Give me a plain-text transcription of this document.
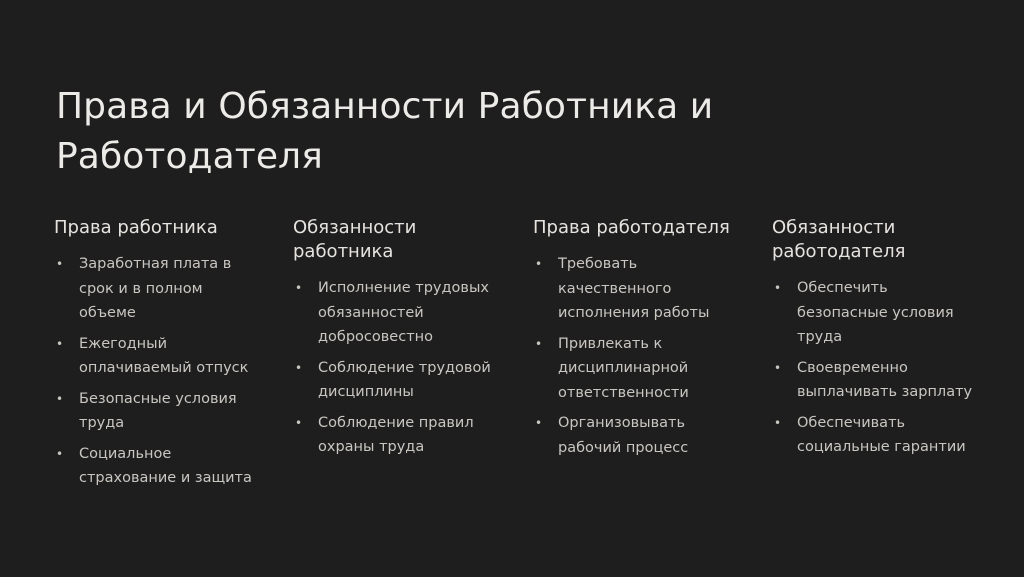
Права и Обязанности Работника и Работодателя
Права работника
• Заработная плата в срок и в полном объеме
• Ежегодный оплачиваемый отпуск
• Безопасные условия труда
• Социальное страхование и защита
Обязанности работника
• Исполнение трудовых обязанностей добросовестно
• Соблюдение трудовой дисциплины
• Соблюдение правил охраны труда
Права работодателя
• Требовать качественного исполнения работы
• Привлекать к дисциплинарной ответственности
• Организовывать рабочий процесс
Обязанности работодателя
• Обеспечить безопасные условия труда
• Своевременно выплачивать зарплату
• Обеспечивать социальные гарантии
